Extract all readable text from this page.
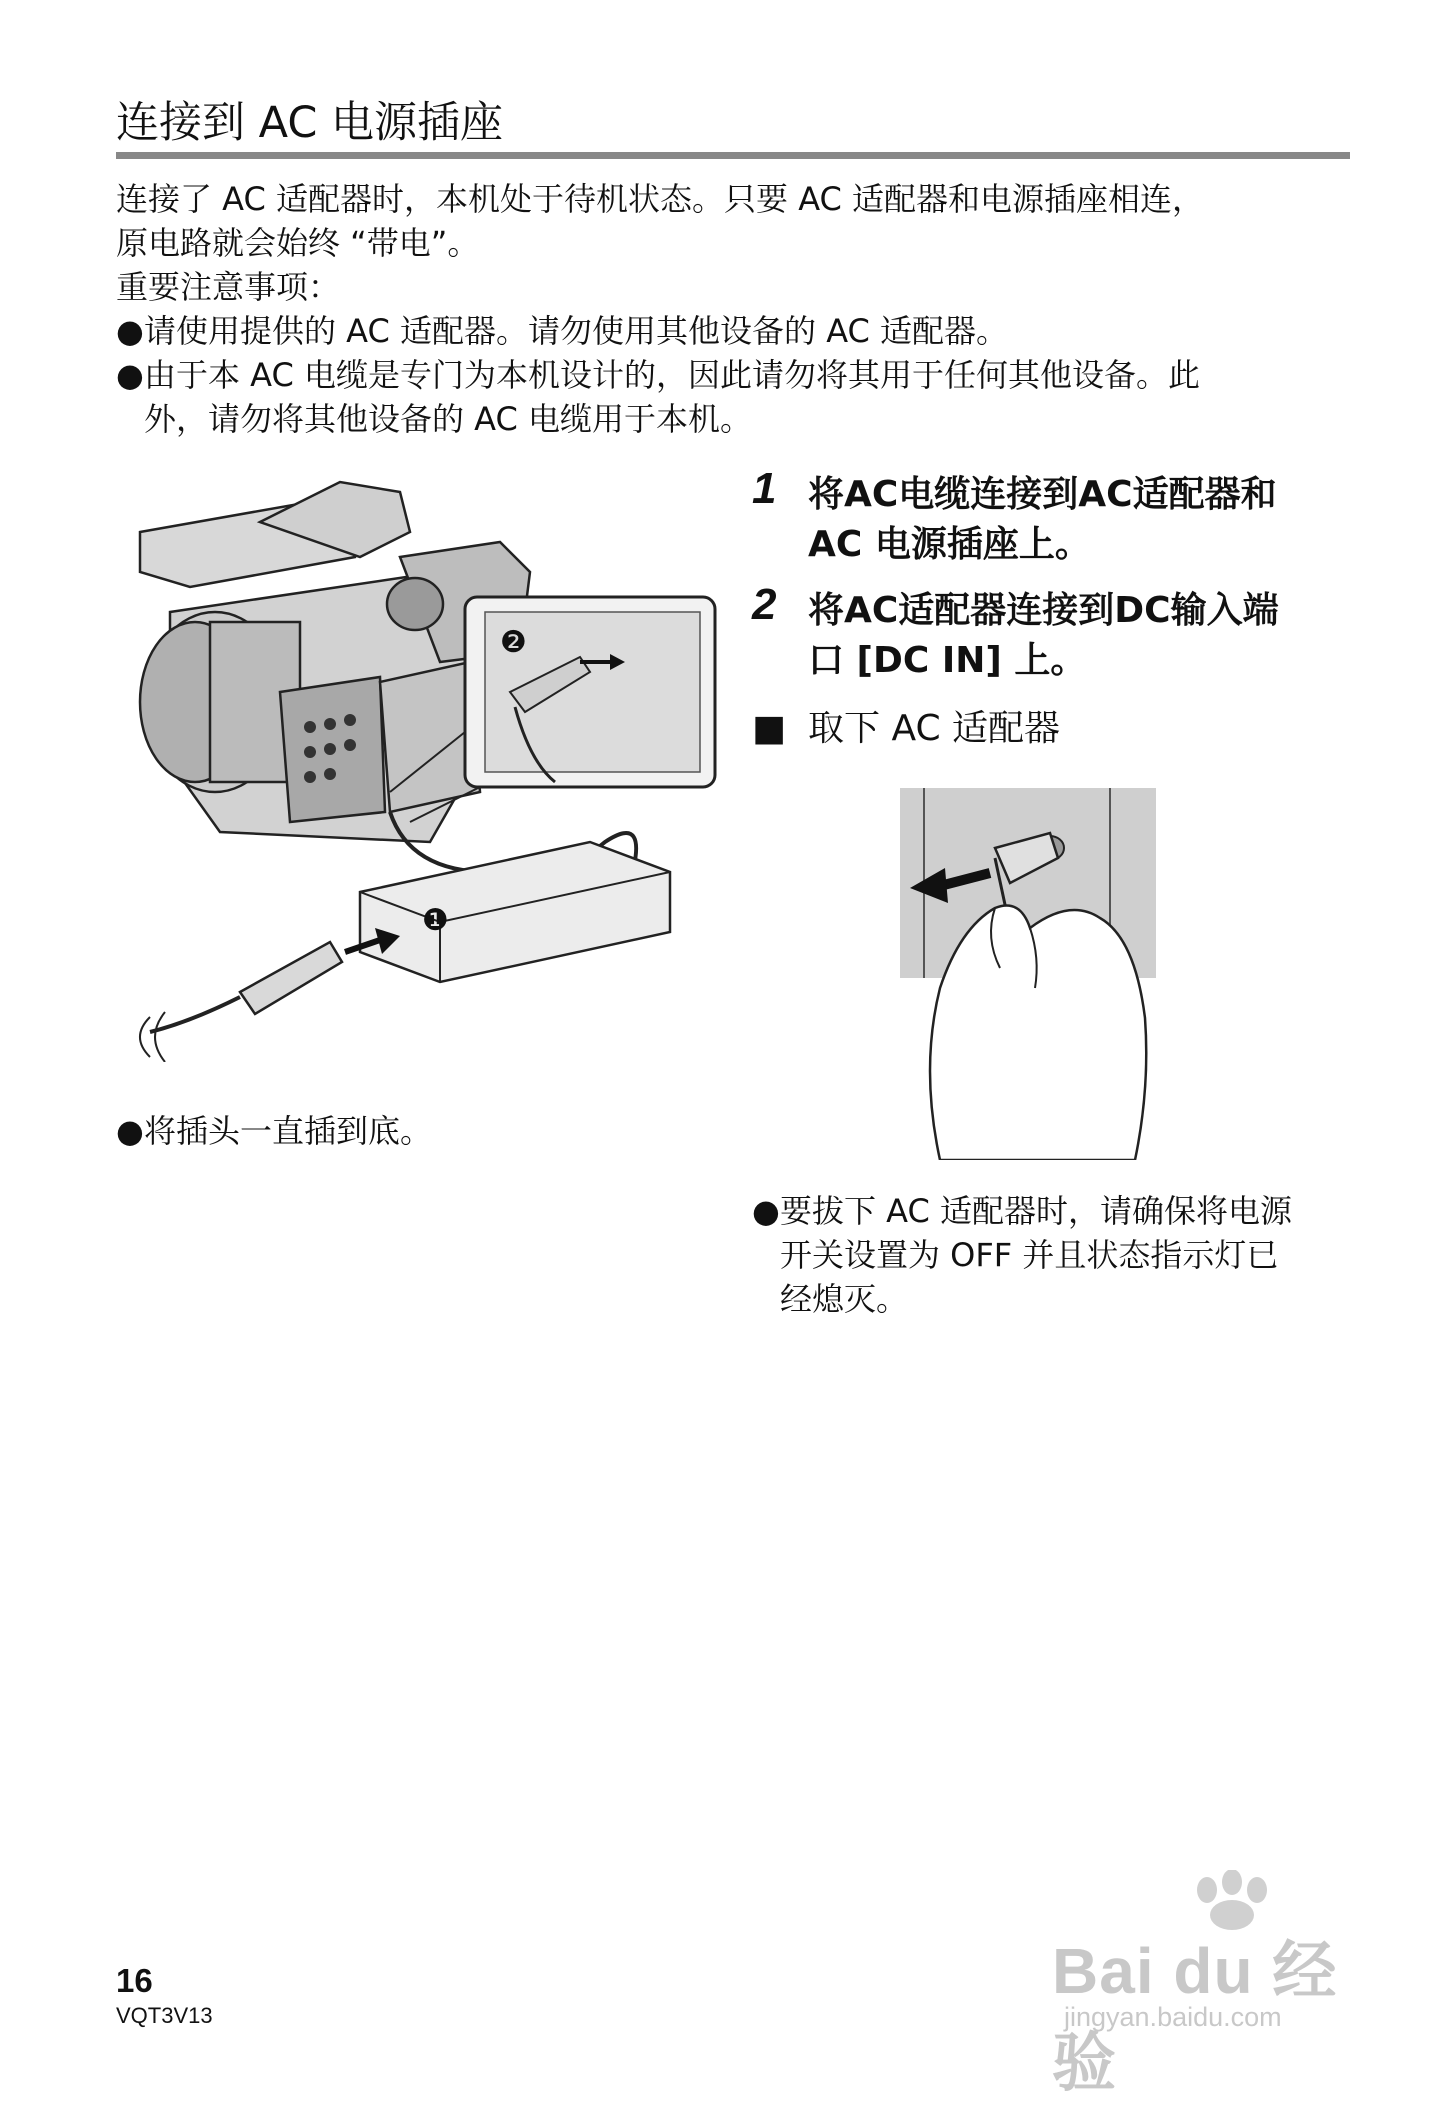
连接到 AC 电源插座
连接了 AC 适配器时，本机处于待机状态。只要 AC 适配器和电源插座相连，
原电路就会始终 “带电”。
重要注意事项：
● 请使用提供的 AC 适配器。请勿使用其他设备的 AC 适配器。
● 由于本 AC 电缆是专门为本机设计的，因此请勿将其用于任何其他设备。此
外，请勿将其他设备的 AC 电缆用于本机。
❷
❶
● 将插头一直插到底。
1 将AC电缆连接到AC适配器和
AC 电源插座上。
2 将AC适配器连接到DC输入端
口 [DC IN] 上。
■ 取下 AC 适配器
● 要拔下 AC 适配器时，请确保将电源
开关设置为 OFF 并且状态指示灯已
经熄灭。
16
VQT3V13
Bai du 经验
jingyan.baidu.com
